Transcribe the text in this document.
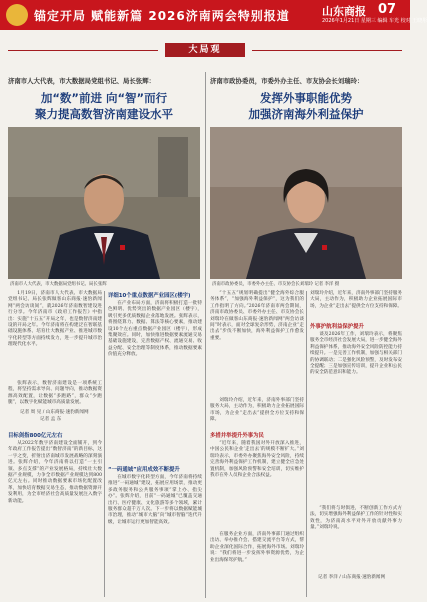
锚定开局 赋能新篇 2026济南两会特别报道	山东商报 07
2026年1月21日 星期三 编辑 车光 校对 王晓彤
大局观
济南市人大代表，市大数据局党组书记、局长张辉：
加“数”前进 向“智”而行
聚力提高数智济南建设水平
济南市人大代表，市大数据局党组书记、局长张辉
1月19日，济南市人大代表、市大数据局党组书记、局长张辉做客山东商报·速豹新闻网“两会访谈间”，就2026年济南数智建设进行分享。今年济南市《政府工作报告》中指出：实施“十五五”开局之年，也是数智济南建设的开局之年。今年济南将在构建泛在智联基础设施体系、培育壮大数据产业、推进城市数字化转型等方面持续发力，进一步提升城市治理现代化水平。
张辉表示，数智济南建设是一项系统工程，将坚持需求导向、问题导向，推动数据资源高效配置，让数据“多跑路”，群众“少跑腿”，以数字化赋能城市高质量发展。
记者 周 见 / 山东商报·速豹新闻网
记者 孟 东
目标剑指800亿元左右
从2022年数字济南建设全面铺开，到今年政府工作报告提出“数智济南”的新目标，这一字之变，折射出济南城市发展战略的深刻演进。张辉介绍，今年济南将以打造“一主引领、多点支撑”的产业发展格局，持续壮大数据产业规模，力争全市数据产业规模达到800亿元左右。同时推动数据要素市场化配置改革，加快培育数据交易生态，推动数据资源开发利用，为全市经济社会高质量发展注入数字新动能。
详细10个重点数据产业园区(楼宇)
在产业布局方面，济南将积极打造一批特色鲜明、优势突出的数据产业园区（楼宇），吸引更多优质数据企业落地发展。张辉表示，将围绕算力、数据、算法等核心要素，推动建设10个左右重点数据产业园区（楼宇），形成集聚效应。同时，加快推进数据要素流通交易基础设施建设，完善数据产权、流通交易、收益分配、安全治理等制度体系，推动数据要素价值充分释放。
“一码通城”应用成效不断提升
在城市数字化转型方面，今年济南将持续推进“一码通城”建设，拓展应用场景，推动更多政务服务和公共服务事项“掌上办、指尖办”。张辉介绍，目前“一码通城”已覆盖交通出行、医疗健康、文化旅游等多个领域，累计服务群众超千万人次。下一步将以数据赋能城市治理，推动“城市大脑”向“城市智脑”迭代升级，让城市运行更加智能高效。
济南市政协委员，市委外办主任、市友协会长刘瑞玲：
发挥外事职能优势
加强济南海外利益保护
济南市政协委员，市委外办主任、市友协会长刘瑞玲 记者 李洋 摄
“十五五”规划明确提出“健全海外综合服务体系”，“加强海外利益保护”，这为我们的工作指明了方向。”2026年济南市两会期间，济南市政协委员、市委外办主任、市友协会长刘瑞玲在做客山东商报·速豹新闻网“两会访谈间”时表示，面对全球复杂形势，济南企业“走出去”步伐不断加快，海外利益保护工作愈发重要。
刘瑞玲介绍，近年来，济南外事部门坚持服务大局，主动作为，积极助力企业拓展国际市场，为企业“走出去”提供全方位支持和保障。
多措并举提升外事为民
“近年来，随着我国对外开放深入推进，中国公民和企业‘走出去’的规模不断扩大。”刘瑞玲表示，市委外办聚焦海外安全风险，持续完善海外利益保护工作机制，建立健全应急处置机制，加强风险预警和安全培训，切实维护我市在外人员和企业合法权益。
在服务企业方面，济南外事部门通过组织出访、举办推介会、搭建交流平台等方式，帮助企业深化国际合作，拓展海外市场。刘瑞玲说：“我们将进一步发挥外事资源优势，为企业出海保驾护航。”
刘瑞玲介绍，近年来，济南外事部门坚持服务大局，主动作为，积极助力企业拓展国际市场，为企业“走出去”提供全方位支持和保障。
外事护航利益保护提升
谈及2026年工作，刘瑞玲表示，将聚焦服务全市经济社会发展大局，进一步健全海外利益保护体系，推动海外安全风险防控能力持续提升。一是完善工作机制，加强与相关部门的协调联动；二是强化风险预警，及时发布安全提醒；三是加强宣传培训，提升企业和公民的安全防范意识和能力。
“我们将与时俱进，不断创新工作方式方法，切实增强海外利益保护工作的针对性和实效性，为济南高水平对外开放贡献外事力量。”刘瑞玲说。
记者 李洋 / 山东商报·速豹新闻网
